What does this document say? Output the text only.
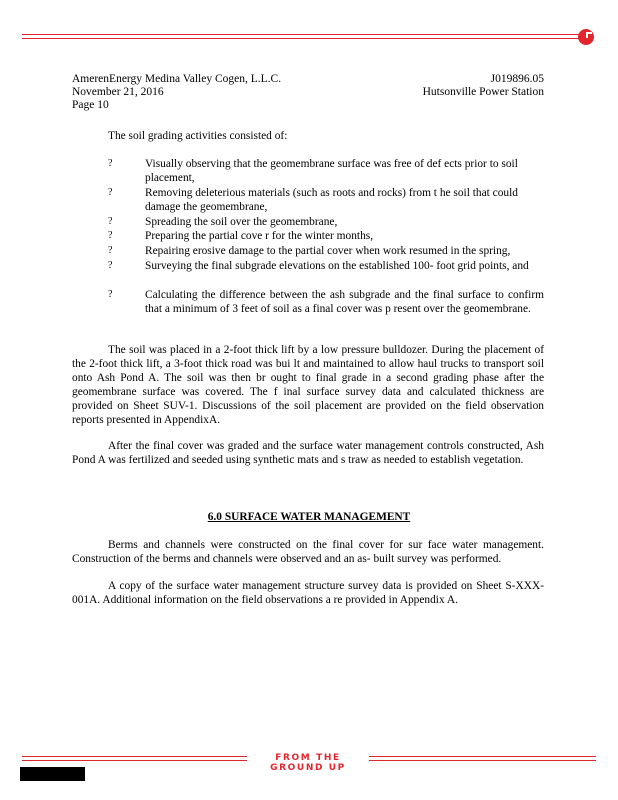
AmerenEnergy Medina Valley Cogen, L.L.C.
November 21, 2016
Page 10
J019896.05
Hutsonville Power Station
The soil grading activities consisted of:
?	Visually observing that the geomembrane surface was free of def ects prior to soil placement,
?	Removing deleterious materials (such as roots and rocks) from t he soil that could damage the geomembrane,
?	Spreading the soil over the geomembrane,
?	Preparing the partial cove r for the winter months,
?	Repairing erosive damage to the partial cover when work resumed in the spring,
?	Surveying the final subgrade elevations on the established 100- foot grid points, and
?	Calculating the difference between the ash subgrade and the final surface to confirm that a minimum of 3 feet of soil as a final cover was p resent over the geomembrane.
The soil was placed in a 2-foot thick lift by a low pressure bulldozer. During the placement of the 2-foot thick lift, a 3-foot thick road was bui lt and maintained to allow haul trucks to transport soil onto Ash Pond A. The soil was then br ought to final grade in a second grading phase after the geomembrane surface was covered. The f inal surface survey data and calculated thickness are provided on Sheet SUV-1. Discussions of the soil placement are provided on the field observation reports presented in AppendixA.
After the final cover was graded and the surface water management controls constructed, Ash Pond A was fertilized and seeded using synthetic mats and s traw as needed to establish vegetation.
6.0 SURFACE WATER MANAGEMENT
Berms and channels were constructed on the final cover for sur face water management. Construction of the berms and channels were observed and an as- built survey was performed.
A copy of the surface water management structure survey data is provided on Sheet S-XXX-001A. Additional information on the field observations a re provided in Appendix A.
FROM THE GROUND UP
